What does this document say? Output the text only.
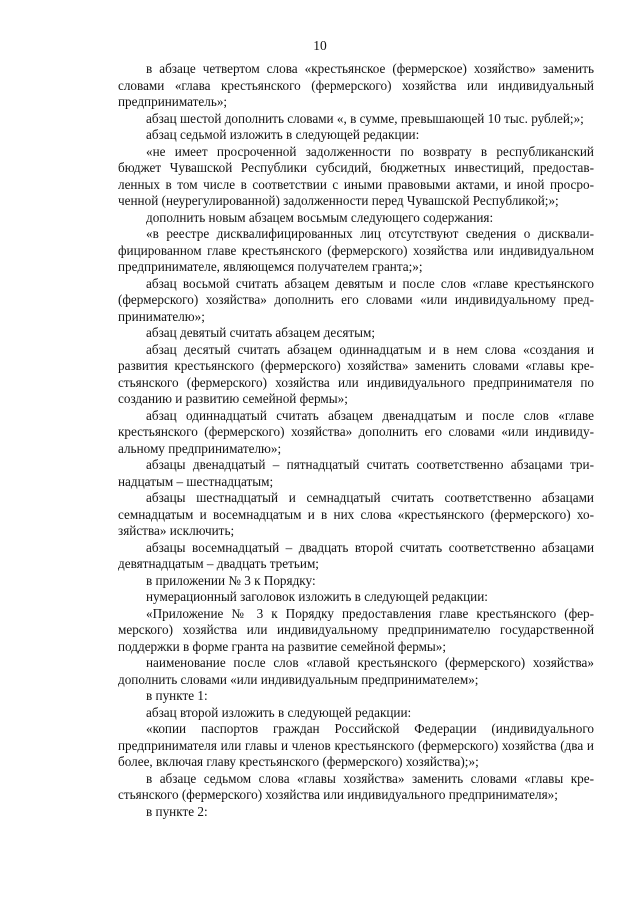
10

в абзаце четвертом слова «крестьянское (фермерское) хозяйство» заменить словами «глава крестьянского (фермерского) хозяйства или индивидуальный предприниматель»;

абзац шестой дополнить словами «, в сумме, превышающей 10 тыс. рублей;»;

абзац седьмой изложить в следующей редакции:

«не имеет просроченной задолженности по возврату в республиканский бюджет Чувашской Республики субсидий, бюджетных инвестиций, предоставленных в том числе в соответствии с иными правовыми актами, и иной просроченной (неурегулированной) задолженности перед Чувашской Республикой;»;

дополнить новым абзацем восьмым следующего содержания:

«в реестре дисквалифицированных лиц отсутствуют сведения о дисквалифицированном главе крестьянского (фермерского) хозяйства или индивидуальном предпринимателе, являющемся получателем гранта;»;

абзац восьмой считать абзацем девятым и после слов «главе крестьянского (фермерского) хозяйства» дополнить его словами «или индивидуальному предпринимателю»;

абзац девятый считать абзацем десятым;

абзац десятый считать абзацем одиннадцатым и в нем слова «создания и развития крестьянского (фермерского) хозяйства» заменить словами «главы крестьянского (фермерского) хозяйства или индивидуального предпринимателя по созданию и развитию семейной фермы»;

абзац одиннадцатый считать абзацем двенадцатым и после слов «главе крестьянского (фермерского) хозяйства» дополнить его словами «или индивидуальному предпринимателю»;

абзацы двенадцатый – пятнадцатый считать соответственно абзацами тринадцатым – шестнадцатым;

абзацы шестнадцатый и семнадцатый считать соответственно абзацами семнадцатым и восемнадцатым и в них слова «крестьянского (фермерского) хозяйства» исключить;

абзацы восемнадцатый – двадцать второй считать соответственно абзацами девятнадцатым – двадцать третьим;

в приложении № 3 к Порядку:

нумерационный заголовок изложить в следующей редакции:

«Приложение № 3 к Порядку предоставления главе крестьянского (фермерского) хозяйства или индивидуальному предпринимателю государственной поддержки в форме гранта на развитие семейной фермы»;

наименование после слов «главой крестьянского (фермерского) хозяйства» дополнить словами «или индивидуальным предпринимателем»;

в пункте 1:

абзац второй изложить в следующей редакции:

«копии паспортов граждан Российской Федерации (индивидуального предпринимателя или главы и членов крестьянского (фермерского) хозяйства (два и более, включая главу крестьянского (фермерского) хозяйства);»;

в абзаце седьмом слова «главы хозяйства» заменить словами «главы крестьянского (фермерского) хозяйства или индивидуального предпринимателя»;

в пункте 2:
